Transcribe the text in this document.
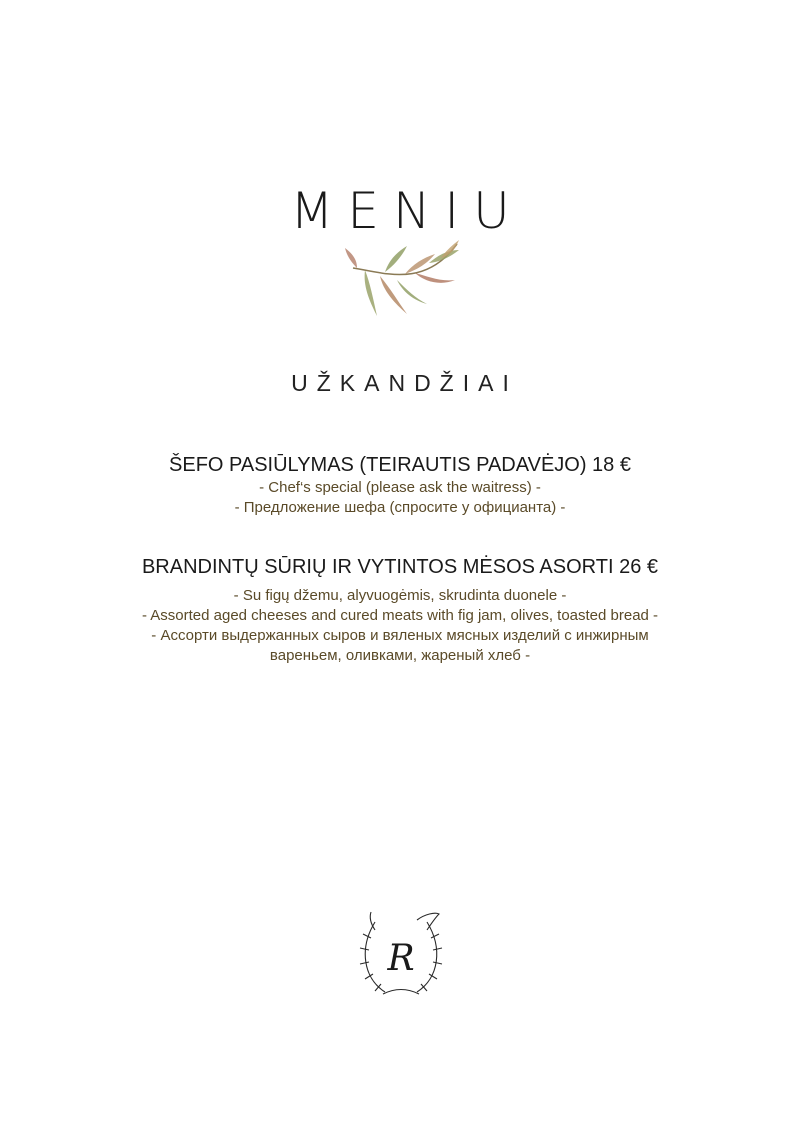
MENIU
UŽKANDŽIAI
ŠEFO PASIŪLYMAS (TEIRAUTIS PADAVĖJO) 18 €
- Chef‘s special (please ask the waitress) -
- Предложение шефа (спросите у официанта) -
BRANDINTŲ SŪRIŲ IR VYTINTOS MĖSOS ASORTI 26 €
- Su figų džemu, alyvuogėmis, skrudinta duonele -
- Assorted aged cheeses and cured meats with fig jam, olives, toasted bread -
- Ассорти выдержанных сыров и вяленых мясных изделий с инжирным
вареньем, оливками, жареный хлеб -
R
